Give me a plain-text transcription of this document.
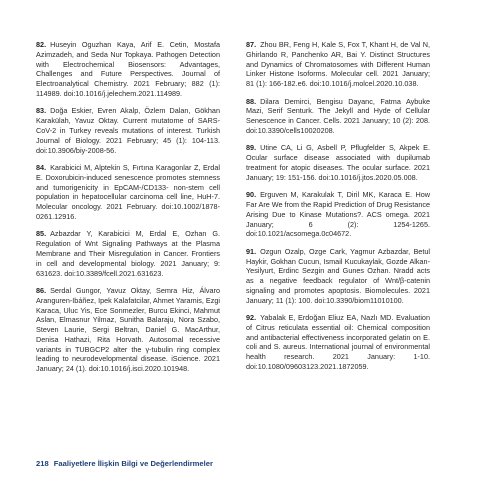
82. Huseyin Oguzhan Kaya, Arif E. Cetin, Mostafa Azimzadeh, and Seda Nur Topkaya. Pathogen Detection with Electrochemical Biosensors: Advantages, Challenges and Future Perspectives. Journal of Electroanalytical Chemistry. 2021 February; 882 (1): 114989. doi:10.1016/j.jelechem.2021.114989.

83. Doğa Eskier, Evren Akalp, Özlem Dalan, Gökhan Karakülah, Yavuz Oktay. Current mutatome of SARS-CoV-2 in Turkey reveals mutations of interest. Turkish Journal of Biology. 2021 February; 45 (1): 104-113. doi:10.3906/biy-2008-56.

84. Karabicici M, Alptekin S, Fırtına Karagonlar Z, Erdal E. Doxorubicin-induced senescence promotes stemness and tumorigenicity in EpCAM-/CD133- non-stem cell population in hepatocellular carcinoma cell line, HuH-7. Molecular oncology. 2021 February. doi:10.1002/1878-0261.12916.

85. Azbazdar Y, Karabicici M, Erdal E, Ozhan G. Regulation of Wnt Signaling Pathways at the Plasma Membrane and Their Misregulation in Cancer. Frontiers in cell and developmental biology. 2021 January; 9: 631623. doi:10.3389/fcell.2021.631623.

86. Serdal Gungor, Yavuz Oktay, Semra Hiz, Álvaro Aranguren-Ibáñez, Ipek Kalafatcilar, Ahmet Yaramis, Ezgi Karaca, Uluc Yis, Ece Sonmezler, Burcu Ekinci, Mahmut Aslan, Elmasnur Yilmaz, Sunitha Balaraju, Nora Szabo, Steven Laurie, Sergi Beltran, Daniel G. MacArthur, Denisa Hathazi, Rita Horvath. Autosomal recessive variants in TUBGCP2 alter the γ-tubulin ring complex leading to neurodevelopmental disease. iScience. 2021 January; 24 (1). doi:10.1016/j.isci.2020.101948.

87. Zhou BR, Feng H, Kale S, Fox T, Khant H, de Val N, Ghirlando R, Panchenko AR, Bai Y. Distinct Structures and Dynamics of Chromatosomes with Different Human Linker Histone Isoforms. Molecular cell. 2021 January; 81 (1): 166-182.e6. doi:10.1016/j.molcel.2020.10.038.

88. Dilara Demirci, Bengisu Dayanc, Fatma Aybuke Mazi, Serif Senturk. The Jekyll and Hyde of Cellular Senescence in Cancer. Cells. 2021 January; 10 (2): 208. doi:10.3390/cells10020208.

89. Utine CA, Li G, Asbell P, Pflugfelder S, Akpek E. Ocular surface disease associated with dupilumab treatment for atopic diseases. The ocular surface. 2021 January; 19: 151-156. doi:10.1016/j.jtos.2020.05.008.

90. Erguven M, Karakulak T, Diril MK, Karaca E. How Far Are We from the Rapid Prediction of Drug Resistance Arising Due to Kinase Mutations?. ACS omega. 2021 January; 6 (2): 1254-1265. doi:10.1021/acsomega.0c04672.

91. Ozgun Ozalp, Ozge Cark, Yagmur Azbazdar, Betul Haykir, Gokhan Cucun, Ismail Kucukaylak, Gozde Alkan-Yesilyurt, Erdinc Sezgin and Gunes Ozhan. Nradd acts as a negative feedback regulator of Wnt/β-catenin signaling and promotes apoptosis. Biomolecules. 2021 January; 11 (1): 100. doi:10.3390/biom11010100.

92. Yabalak E, Erdoğan Eliuz EA, Nazlı MD. Evaluation of Citrus reticulata essential oil: Chemical composition and antibacterial effectiveness incorporated gelatin on E. coli and S. aureus. International journal of environmental health research. 2021 January: 1-10. doi:10.1080/09603123.2021.1872059.

218 Faaliyetlere İlişkin Bilgi ve Değerlendirmeler
